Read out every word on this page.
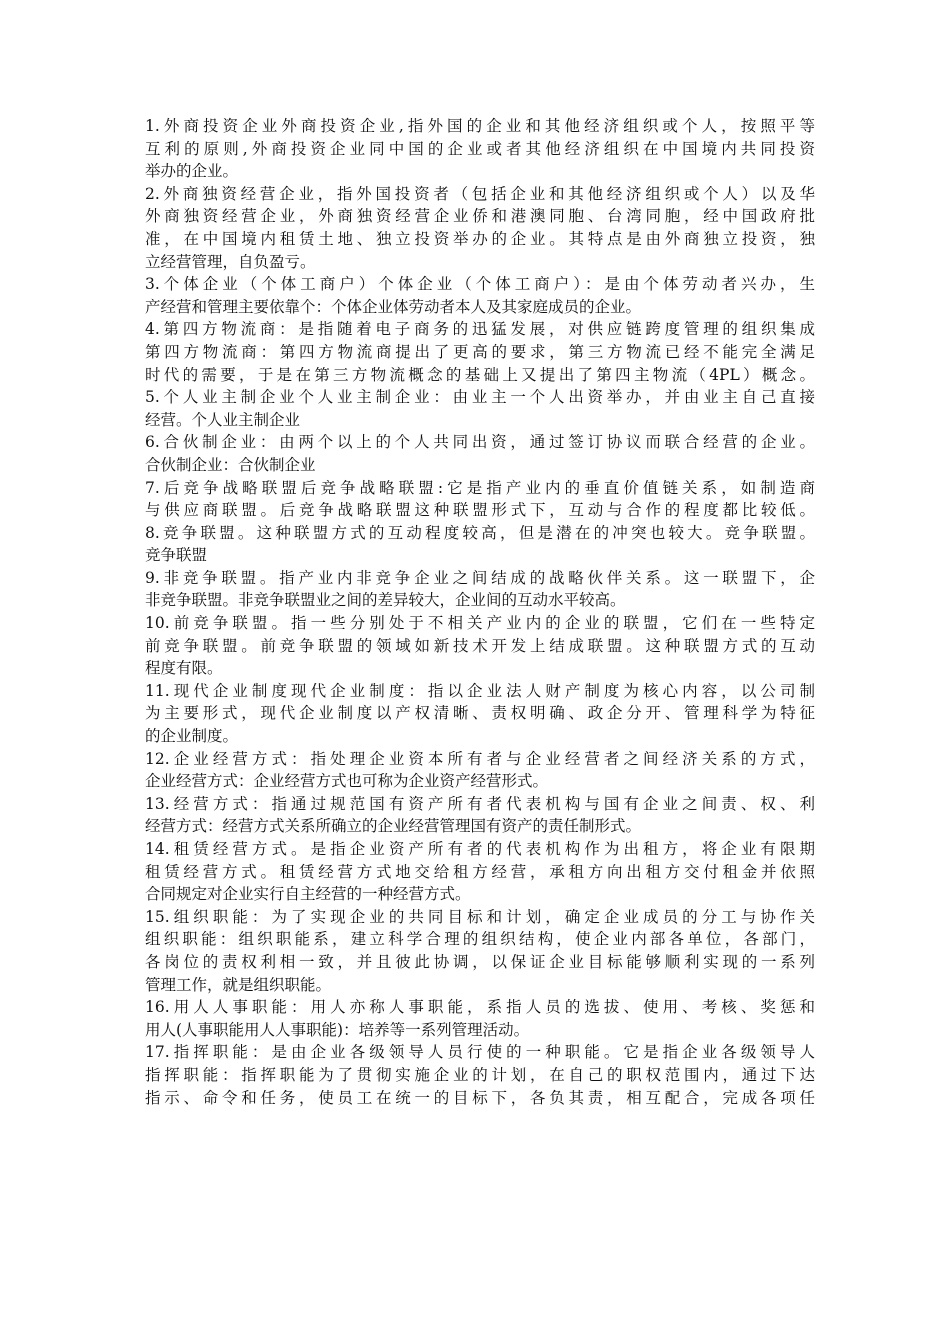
1.外商投资企业外商投资企业,指外国的企业和其他经济组织或个人，按照平等
互利的原则,外商投资企业同中国的企业或者其他经济组织在中国境内共同投资
举办的企业。
2.外商独资经营企业，指外国投资者（包括企业和其他经济组织或个人）以及华
外商独资经营企业，外商独资经营企业侨和港澳同胞、台湾同胞，经中国政府批
准，在中国境内租赁土地、独立投资举办的企业。其特点是由外商独立投资，独
立经营管理，自负盈亏。
3.个体企业（个体工商户）个体企业（个体工商户）：是由个体劳动者兴办，生
产经营和管理主要依靠个：个体企业体劳动者本人及其家庭成员的企业。
4.第四方物流商：是指随着电子商务的迅猛发展，对供应链跨度管理的组织集成
第四方物流商：第四方物流商提出了更高的要求，第三方物流已经不能完全满足
时代的需要，于是在第三方物流概念的基础上又提出了第四主物流（4PL）概念。
5.个人业主制企业个人业主制企业：由业主一个人出资举办，并由业主自己直接
经营。个人业主制企业
6.合伙制企业：由两个以上的个人共同出资，通过签订协议而联合经营的企业。
合伙制企业：合伙制企业
7.后竞争战略联盟后竞争战略联盟:它是指产业内的垂直价值链关系，如制造商
与供应商联盟。后竞争战略联盟这种联盟形式下，互动与合作的程度都比较低。
8.竞争联盟。这种联盟方式的互动程度较高，但是潜在的冲突也较大。竞争联盟。
竞争联盟
9.非竞争联盟。指产业内非竞争企业之间结成的战略伙伴关系。这一联盟下，企
非竞争联盟。非竞争联盟业之间的差异较大，企业间的互动水平较高。
10.前竞争联盟。指一些分别处于不相关产业内的企业的联盟，它们在一些特定
前竞争联盟。前竞争联盟的领域如新技术开发上结成联盟。这种联盟方式的互动
程度有限。
11.现代企业制度现代企业制度：指以企业法人财产制度为核心内容，以公司制
为主要形式，现代企业制度以产权清晰、责权明确、政企分开、管理科学为特征
的企业制度。
12.企业经营方式：指处理企业资本所有者与企业经营者之间经济关系的方式，
企业经营方式：企业经营方式也可称为企业资产经营形式。
13.经营方式：指通过规范国有资产所有者代表机构与国有企业之间责、权、利
经营方式：经营方式关系所确立的企业经营管理国有资产的责任制形式。
14.租赁经营方式。是指企业资产所有者的代表机构作为出租方，将企业有限期
租赁经营方式。租赁经营方式地交给租方经营，承租方向出租方交付租金并依照
合同规定对企业实行自主经营的一种经营方式。
15.组织职能：为了实现企业的共同目标和计划，确定企业成员的分工与协作关
组织职能：组织职能系，建立科学合理的组织结构，使企业内部各单位，各部门，
各岗位的责权利相一致，并且彼此协调，以保证企业目标能够顺利实现的一系列
管理工作，就是组织职能。
16.用人人事职能：用人亦称人事职能，系指人员的选拔、使用、考核、奖惩和
用人(人事职能用人人事职能)：培养等一系列管理活动。
17.指挥职能：是由企业各级领导人员行使的一种职能。它是指企业各级领导人
指挥职能：指挥职能为了贯彻实施企业的计划，在自己的职权范围内，通过下达
指示、命令和任务，使员工在统一的目标下，各负其责，相互配合，完成各项任
